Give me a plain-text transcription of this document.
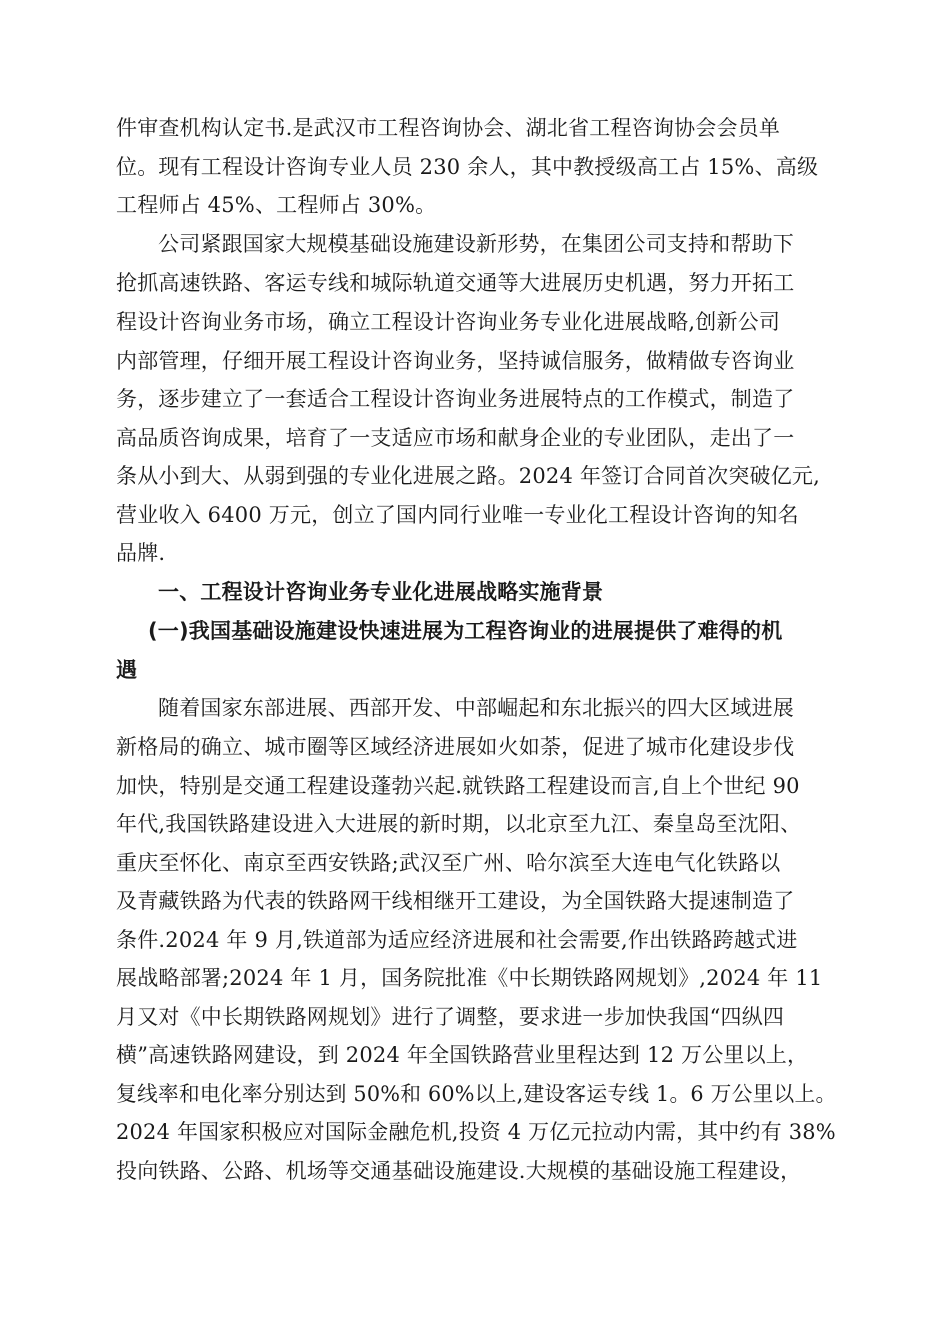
件审查机构认定书.是武汉市工程咨询协会、湖北省工程咨询协会会员单
位。现有工程设计咨询专业人员 230 余人，其中教授级高工占 15%、高级
工程师占 45%、工程师占 30%。
公司紧跟国家大规模基础设施建设新形势，在集团公司支持和帮助下
抢抓高速铁路、客运专线和城际轨道交通等大进展历史机遇，努力开拓工
程设计咨询业务市场，确立工程设计咨询业务专业化进展战略,创新公司
内部管理，仔细开展工程设计咨询业务，坚持诚信服务，做精做专咨询业
务，逐步建立了一套适合工程设计咨询业务进展特点的工作模式，制造了
高品质咨询成果，培育了一支适应市场和献身企业的专业团队，走出了一
条从小到大、从弱到强的专业化进展之路。2024 年签订合同首次突破亿元,
营业收入 6400 万元，创立了国内同行业唯一专业化工程设计咨询的知名
品牌.
一、工程设计咨询业务专业化进展战略实施背景
(一)我国基础设施建设快速进展为工程咨询业的进展提供了难得的机
遇
随着国家东部进展、西部开发、中部崛起和东北振兴的四大区域进展
新格局的确立、城市圈等区域经济进展如火如荼，促进了城市化建设步伐
加快，特别是交通工程建设蓬勃兴起.就铁路工程建设而言,自上个世纪 90
年代,我国铁路建设进入大进展的新时期，以北京至九江、秦皇岛至沈阳、
重庆至怀化、南京至西安铁路;武汉至广州、哈尔滨至大连电气化铁路以
及青藏铁路为代表的铁路网干线相继开工建设，为全国铁路大提速制造了
条件.2024 年 9 月,铁道部为适应经济进展和社会需要,作出铁路跨越式进
展战略部署;2024 年 1 月，国务院批准《中长期铁路网规划》,2024 年 11
月又对《中长期铁路网规划》进行了调整，要求进一步加快我国“四纵四
横”高速铁路网建设，到 2024 年全国铁路营业里程达到 12 万公里以上，
复线率和电化率分别达到 50%和 60%以上,建设客运专线 1。6 万公里以上。
2024 年国家积极应对国际金融危机,投资 4 万亿元拉动内需，其中约有 38%
投向铁路、公路、机场等交通基础设施建设.大规模的基础设施工程建设，
